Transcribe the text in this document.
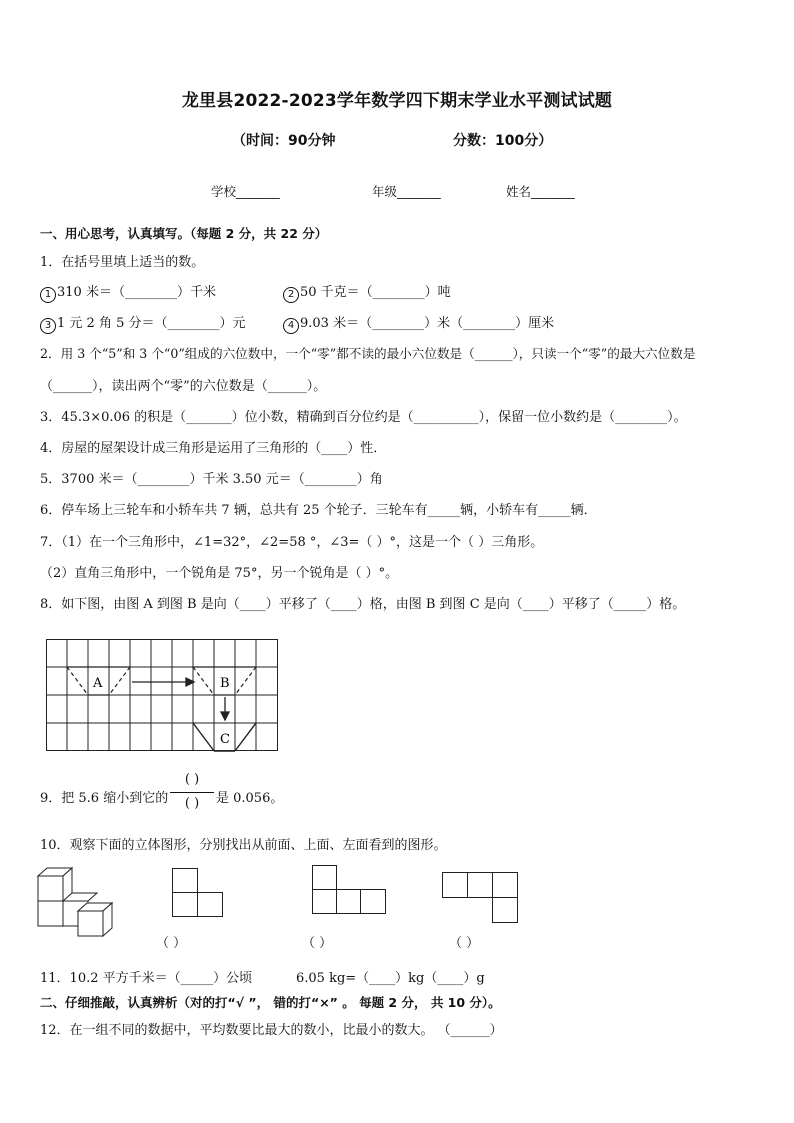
龙里县2022-2023学年数学四下期末学业水平测试试题
（时间：90分钟	分数：100分）
学校_______	年级_______	姓名_______
一、用心思考，认真填写。（每题 2 分，共 22 分）
1．在括号里填上适当的数。
1 310 米＝（________）千米	2 50 千克＝（________）吨
3 1 元 2 角 5 分＝（________）元	4 9.03 米＝（________）米（________）厘米
2．用 3 个“5”和 3 个“0”组成的六位数中，一个“零”都不读的最小六位数是（______），只读一个“零”的最大六位数是
（______），读出两个“零”的六位数是（______）。
3．45.3×0.06 的积是（_______）位小数，精确到百分位约是（__________），保留一位小数约是（________）。
4．房屋的屋架设计成三角形是运用了三角形的（____）性．
5．3700 米＝（________）千米 3.50 元＝（________）角
6．停车场上三轮车和小轿车共 7 辆，总共有 25 个轮子．三轮车有_____辆，小轿车有_____辆．
7．（1）在一个三角形中，∠1=32°，∠2=58 °，∠3=（ ）°，这是一个（ ）三角形。
（2）直角三角形中，一个锐角是 75°，另一个锐角是（ ）°。
8．如下图，由图 A 到图 B 是向（____）平移了（____）格，由图 B 到图 C 是向（____）平移了（_____）格。
A	B
C
9．把 5.6 缩小到它的
( )
( )	是 0.056。
10．观察下面的立体图形，分别找出从前面、上面、左面看到的图形。
（ ）	（ ）	（ ）
11．10.2 平方千米＝（_____）公顷	6.05 kg=（____）kg（____）g
二、仔细推敲，认真辨析（对的打“√ ”， 错的打“×” 。 每题 2 分， 共 10 分）。
12．在一组不同的数据中，平均数要比最大的数小，比最小的数大。 （______）
